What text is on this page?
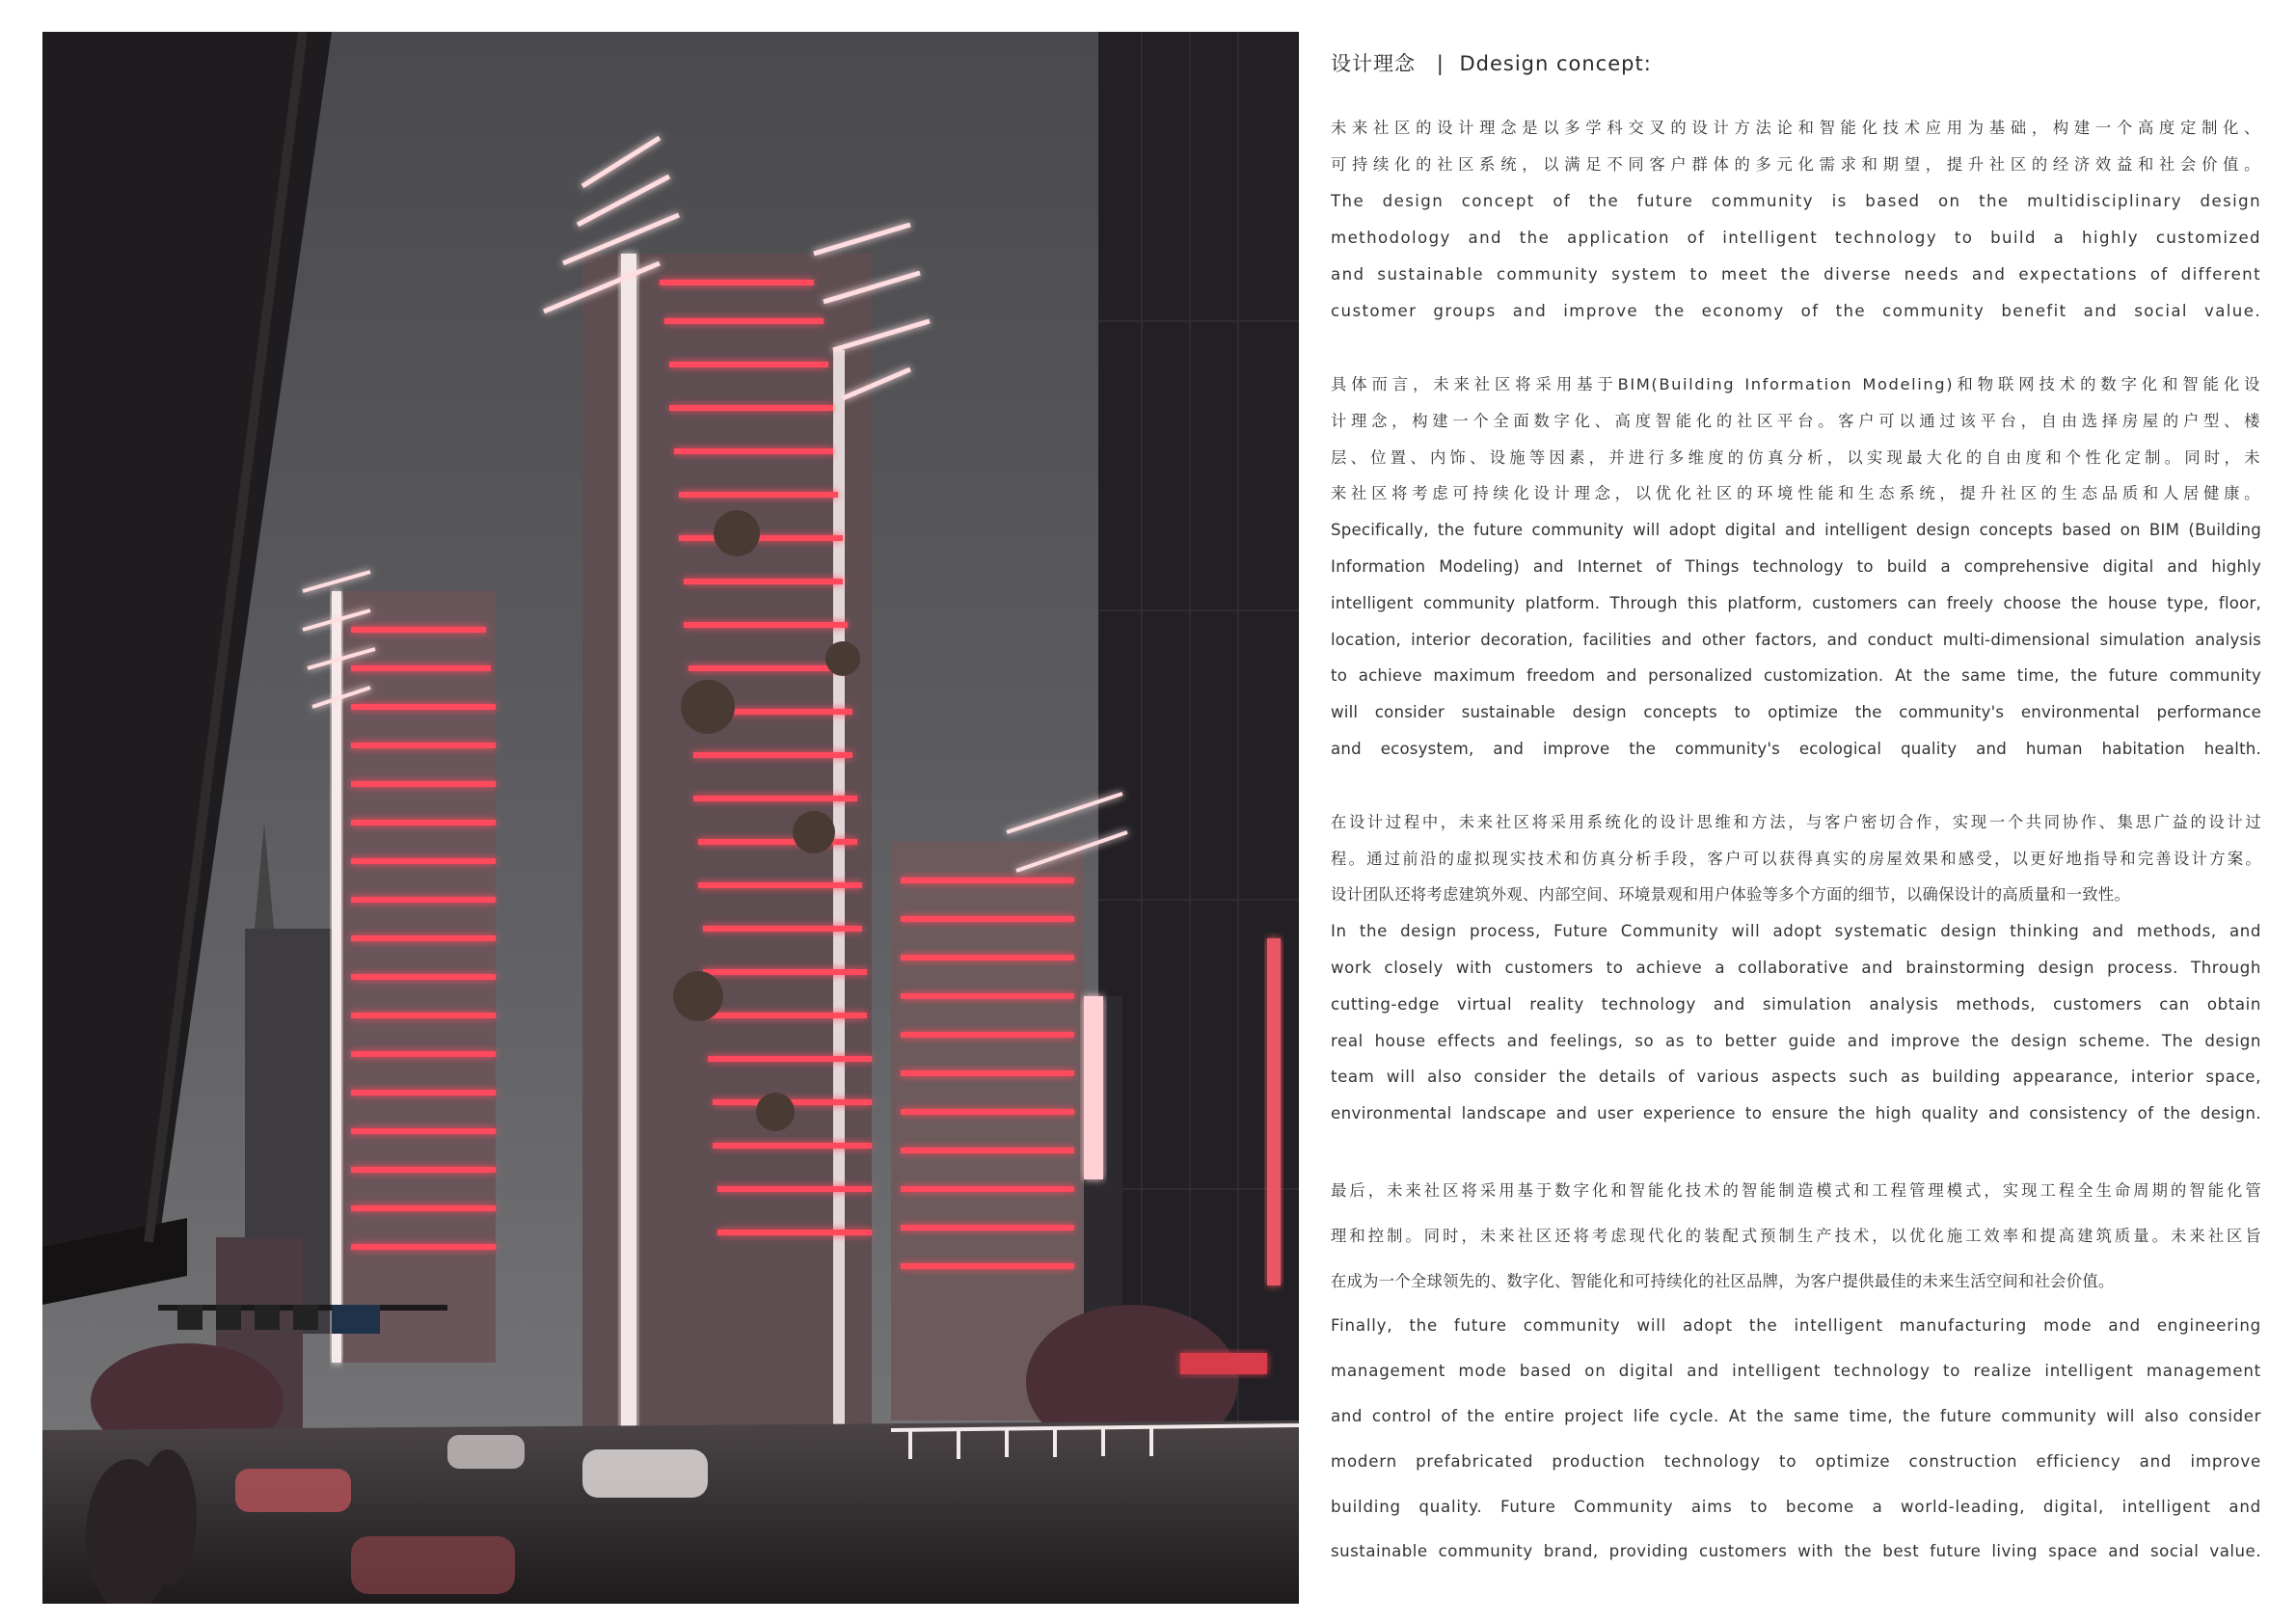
设计理念 | Ddesign concept:
未来社区的设计理念是以多学科交叉的设计方法论和智能化技术应用为基础，构建一个高度定制化、
可持续化的社区系统，以满足不同客户群体的多元化需求和期望，提升社区的经济效益和社会价值。
The design concept of the future community is based on the multidisciplinary design
methodology and the application of intelligent technology to build a highly customized
and sustainable community system to meet the diverse needs and expectations of different
customer groups and improve the economy of the community benefit and social value.
具体而言，未来社区将采用基于BIM(Building Information Modeling)和物联网技术的数字化和智能化设
计理念，构建一个全面数字化、高度智能化的社区平台。客户可以通过该平台，自由选择房屋的户型、楼
层、位置、内饰、设施等因素，并进行多维度的仿真分析，以实现最大化的自由度和个性化定制。同时，未
来社区将考虑可持续化设计理念，以优化社区的环境性能和生态系统，提升社区的生态品质和人居健康。
Specifically, the future community will adopt digital and intelligent design concepts based on BIM (Building
Information Modeling) and Internet of Things technology to build a comprehensive digital and highly
intelligent community platform. Through this platform, customers can freely choose the house type, floor,
location, interior decoration, facilities and other factors, and conduct multi-dimensional simulation analysis
to achieve maximum freedom and personalized customization. At the same time, the future community
will consider sustainable design concepts to optimize the community's environmental performance
and ecosystem, and improve the community's ecological quality and human habitation health.
在设计过程中，未来社区将采用系统化的设计思维和方法，与客户密切合作，实现一个共同协作、集思广益的设计过
程。通过前沿的虚拟现实技术和仿真分析手段，客户可以获得真实的房屋效果和感受，以更好地指导和完善设计方案。
设计团队还将考虑建筑外观、内部空间、环境景观和用户体验等多个方面的细节，以确保设计的高质量和一致性。
In the design process, Future Community will adopt systematic design thinking and methods, and
work closely with customers to achieve a collaborative and brainstorming design process. Through
cutting-edge virtual reality technology and simulation analysis methods, customers can obtain
real house effects and feelings, so as to better guide and improve the design scheme. The design
team will also consider the details of various aspects such as building appearance, interior space,
environmental landscape and user experience to ensure the high quality and consistency of the design.
最后，未来社区将采用基于数字化和智能化技术的智能制造模式和工程管理模式，实现工程全生命周期的智能化管
理和控制。同时，未来社区还将考虑现代化的装配式预制生产技术，以优化施工效率和提高建筑质量。未来社区旨
在成为一个全球领先的、数字化、智能化和可持续化的社区品牌，为客户提供最佳的未来生活空间和社会价值。
Finally, the future community will adopt the intelligent manufacturing mode and engineering
management mode based on digital and intelligent technology to realize intelligent management
and control of the entire project life cycle. At the same time, the future community will also consider
modern prefabricated production technology to optimize construction efficiency and improve
building quality. Future Community aims to become a world-leading, digital, intelligent and
sustainable community brand, providing customers with the best future living space and social value.
